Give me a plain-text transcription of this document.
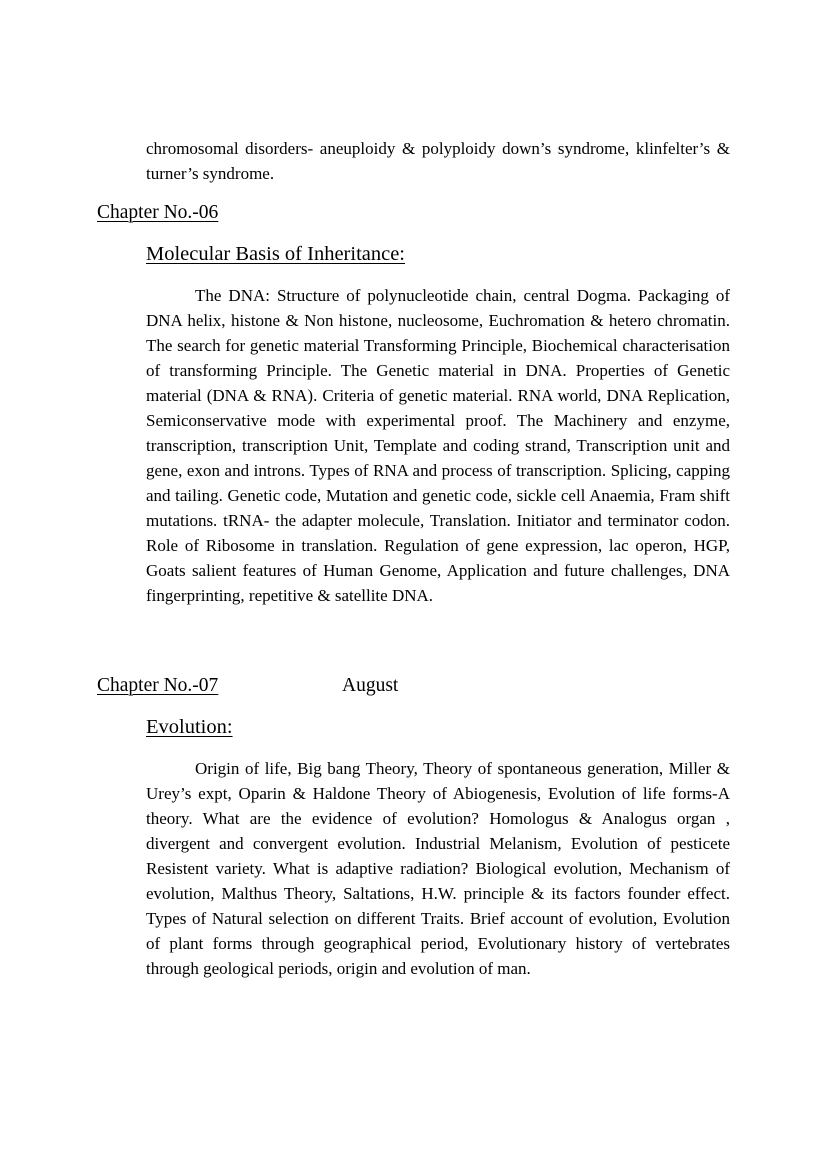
chromosomal disorders- aneuploidy & polyploidy down’s syndrome, klinfelter’s & turner’s syndrome.

Chapter No.-06

Molecular Basis of Inheritance:

The DNA: Structure of polynucleotide chain, central Dogma. Packaging of DNA helix, histone & Non histone, nucleosome, Euchromation & hetero chromatin. The search for genetic material Transforming Principle, Biochemical characterisation of transforming Principle. The Genetic material in DNA. Properties of Genetic material (DNA & RNA). Criteria of genetic material. RNA world, DNA Replication, Semiconservative mode with experimental proof. The Machinery and enzyme, transcription, transcription Unit, Template and coding strand, Transcription unit and gene, exon and introns. Types of RNA and process of transcription. Splicing, capping and tailing. Genetic code, Mutation and genetic code, sickle cell Anaemia, Fram shift mutations. tRNA- the adapter molecule, Translation. Initiator and terminator codon. Role of Ribosome in translation. Regulation of gene expression, lac operon, HGP, Goats salient features of Human Genome, Application and future challenges, DNA fingerprinting, repetitive & satellite DNA.

Chapter No.-07	August

Evolution:

Origin of life, Big bang Theory, Theory of spontaneous generation, Miller & Urey’s expt, Oparin & Haldone Theory of Abiogenesis, Evolution of life forms-A theory. What are the evidence of evolution? Homologus & Analogus organ , divergent and convergent evolution. Industrial Melanism, Evolution of pesticete Resistent variety. What is adaptive radiation? Biological evolution, Mechanism of evolution, Malthus Theory, Saltations, H.W. principle & its factors founder effect. Types of Natural selection on different Traits. Brief account of evolution, Evolution of plant forms through geographical period, Evolutionary history of vertebrates through geological periods, origin and evolution of man.
